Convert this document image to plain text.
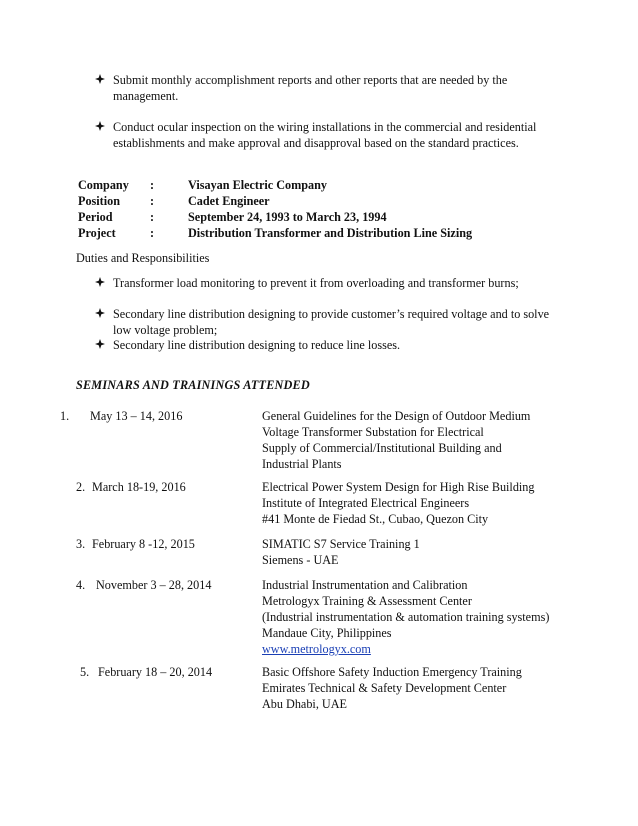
Submit monthly accomplishment reports and other reports that are needed by the management.
Conduct ocular inspection on the wiring installations in the commercial and residential establishments and make approval and disapproval based on the standard practices.
Company :	Visayan Electric Company
Position :	Cadet Engineer
Period	:	September 24, 1993 to March 23, 1994
Project	:	Distribution Transformer and Distribution Line Sizing
Duties and Responsibilities
Transformer load monitoring to prevent it from overloading and transformer burns;
Secondary line distribution designing to provide customer’s required voltage and to solve low voltage problem;
Secondary line distribution designing to reduce line losses.
SEMINARS AND TRAININGS ATTENDED
1. May 13 – 14, 2016	General Guidelines for the Design of Outdoor Medium
Voltage Transformer Substation for Electrical
Supply of Commercial/Institutional Building and
Industrial Plants
2. March 18-19, 2016	Electrical Power System Design for High Rise Building
Institute of Integrated Electrical Engineers
#41 Monte de Fiedad St., Cubao, Quezon City
3. February 8 -12, 2015	SIMATIC S7 Service Training 1
Siemens - UAE
4. November 3 – 28, 2014	Industrial Instrumentation and Calibration
Metrologyx Training & Assessment Center
(Industrial instrumentation & automation training systems)
Mandaue City, Philippines
www.metrologyx.com
5. February 18 – 20, 2014	Basic Offshore Safety Induction Emergency Training
Emirates Technical & Safety Development Center
Abu Dhabi, UAE
